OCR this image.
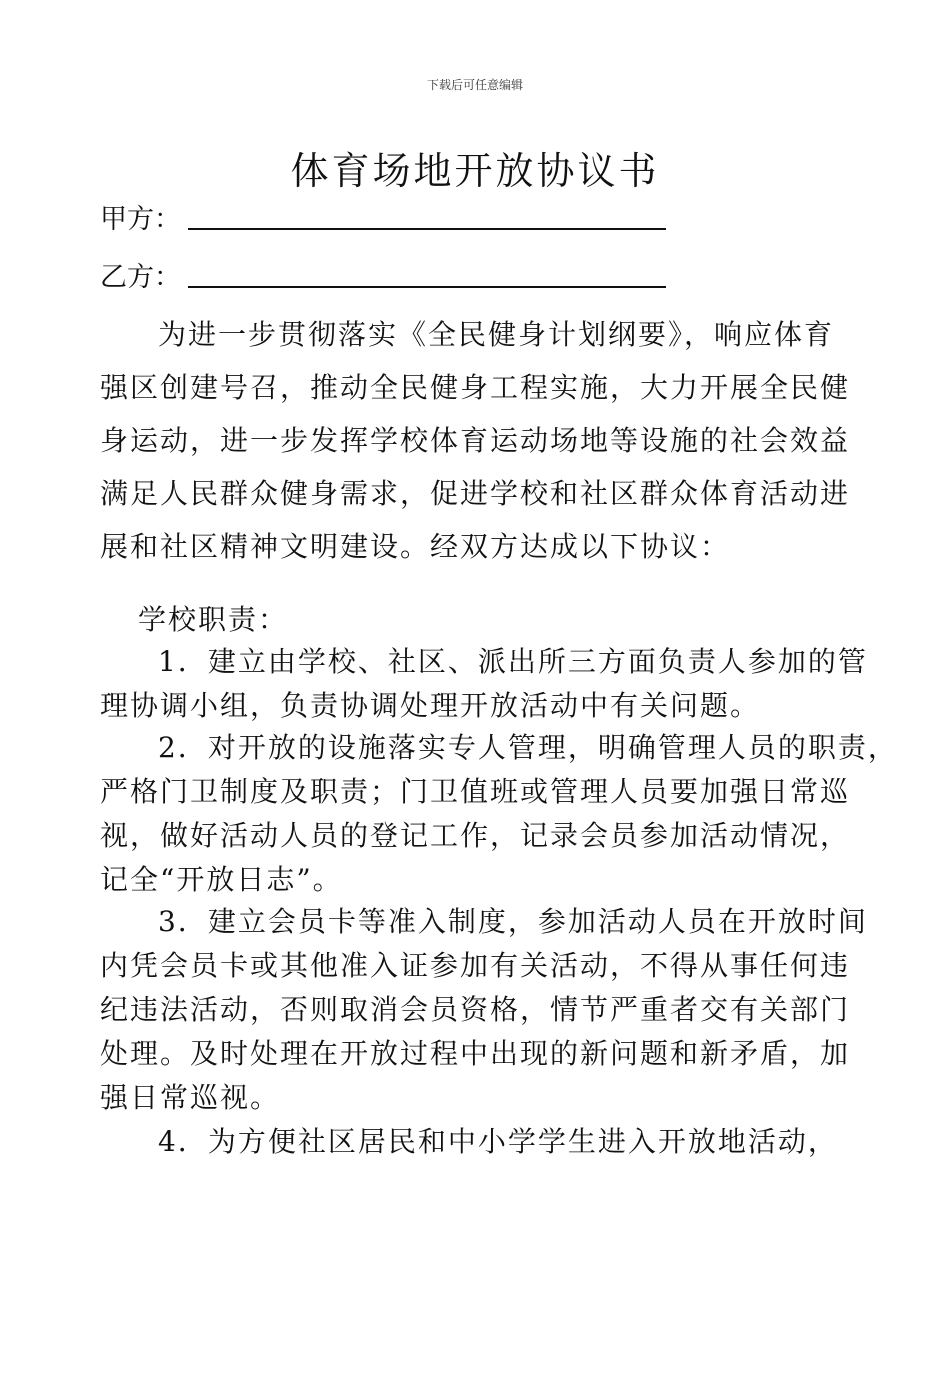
下载后可任意编辑
体育场地开放协议书
甲方：
乙方：
为进一步贯彻落实《全民健身计划纲要》，响应体育
强区创建号召，推动全民健身工程实施，大力开展全民健
身运动，进一步发挥学校体育运动场地等设施的社会效益
满足人民群众健身需求，促进学校和社区群众体育活动进
展和社区精神文明建设。经双方达成以下协议：
学校职责：
1．建立由学校、社区、派出所三方面负责人参加的管
理协调小组，负责协调处理开放活动中有关问题。
2．对开放的设施落实专人管理，明确管理人员的职责，
严格门卫制度及职责；门卫值班或管理人员要加强日常巡
视，做好活动人员的登记工作，记录会员参加活动情况，
记全“开放日志”。
3．建立会员卡等准入制度，参加活动人员在开放时间
内凭会员卡或其他准入证参加有关活动，不得从事任何违
纪违法活动，否则取消会员资格，情节严重者交有关部门
处理。及时处理在开放过程中出现的新问题和新矛盾，加
强日常巡视。
4．为方便社区居民和中小学学生进入开放地活动，
